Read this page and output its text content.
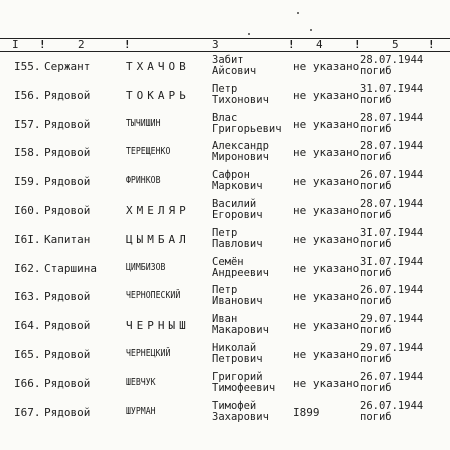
I !	2	!	3	! 4	!	5	!
I55. Сержант	ТХАЧОВ	Забит
Айсович	не указано 28.07.1944
погиб
I56. Рядовой	ТОКАРЬ	Петр
Тихонович не указано 31.07.I944
погиб
I57. Рядовой	ТЫЧИШИН	Влас
Григорьевич не указано 28.07.1944
погиб
I58. Рядовой	ТЕРЕЩЕНКО	Александр
Миронович не указано 28.07.1944
погиб
I59. Рядовой	ФРИНКОВ	Сафрон
Маркович	не указано 26.07.1944
погиб
I60. Рядовой	ХМЕЛЯР	Василий
Егорович	не указано 28.07.1944
погиб
I6I. Капитан	ЦЫМБАЛ	Петр
Павлович	не указано 3I.07.I944
погиб
I62. Старшина	ЦИМБИЗОВ	Семён
Андреевич не указано 3I.07.I944
погиб
I63. Рядовой	ЧЕРНОПЕСКИЙ	Петр
Иванович	не указано 26.07.1944
погиб
I64. Рядовой	ЧЕРНЫШ	Иван
Макарович не указано 29.07.1944
погиб
I65. Рядовой	ЧЕРНЕЦКИЙ	Николай
Петрович	не указано 29.07.1944
погиб
I66. Рядовой	ШЕВЧУК	Григорий
Тимофеевич не указано 26.07.1944
погиб
I67. Рядовой	ШУРМАН	Тимофей
Захарович I899	26.07.1944
погиб
